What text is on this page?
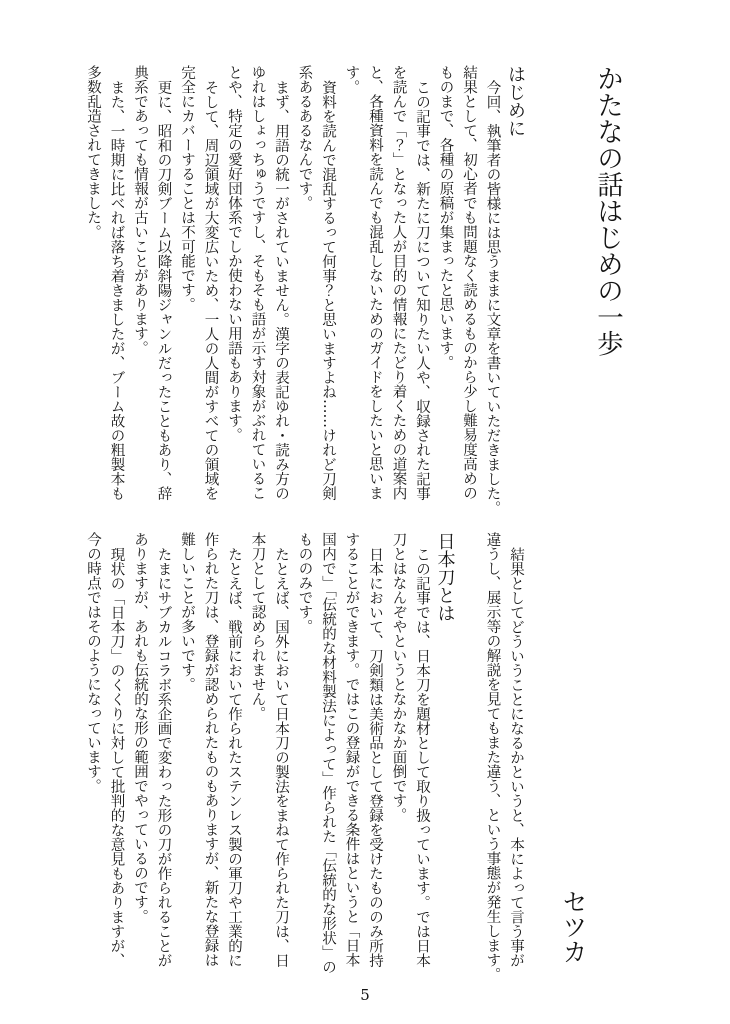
かたなの話はじめの一歩
はじめに
今回、執筆者の皆様には思うままに文章を書いていただきました。
結果として、初心者でも問題なく読めるものから少し難易度高めの
ものまで、各種の原稿が集まったと思います。
この記事では、新たに刀について知りたい人や、収録された記事
を読んで「？」となった人が目的の情報にたどり着くための道案内
と、各種資料を読んでも混乱しないためのガイドをしたいと思いま
す。
資料を読んで混乱するって何事？と思いますよね……けれど刀剣
系あるあるなんです。
まず、用語の統一がされていません。漢字の表記ゆれ・読み方の
ゆれはしょっちゅうですし、そもそも語が示す対象がぶれているこ
とや、特定の愛好団体系でしか使わない用語もあります。
そして、周辺領域が大変広いため、一人の人間がすべての領域を
完全にカバーすることは不可能です。
更に、昭和の刀剣ブーム以降斜陽ジャンルだったこともあり、辞
典系であっても情報が古いことがあります。
また、一時期に比べれば落ち着きましたが、ブーム故の粗製本も
多数乱造されてきました。
セツカ
結果としてどういうことになるかというと、本によって言う事が
違うし、展示等の解説を見てもまた違う、という事態が発生します。
日本刀とは
この記事では、日本刀を題材として取り扱っています。では日本
刀とはなんぞやというとなかなか面倒です。
日本において、刀剣類は美術品として登録を受けたもののみ所持
することができます。ではこの登録ができる条件はというと「日本
国内で」「伝統的な材料製法によって」作られた「伝統的な形状」の
もののみです。
たとえば、国外において日本刀の製法をまねて作られた刀は、日
本刀として認められません。
たとえば、戦前において作られたステンレス製の軍刀や工業的に
作られた刀は、登録が認められたものもありますが、新たな登録は
難しいことが多いです。
たまにサブカルコラボ系企画で変わった形の刀が作られることが
ありますが、あれも伝統的な形の範囲でやっているのです。
現状の「日本刀」のくくりに対して批判的な意見もありますが、
今の時点ではそのようになっています。
5
